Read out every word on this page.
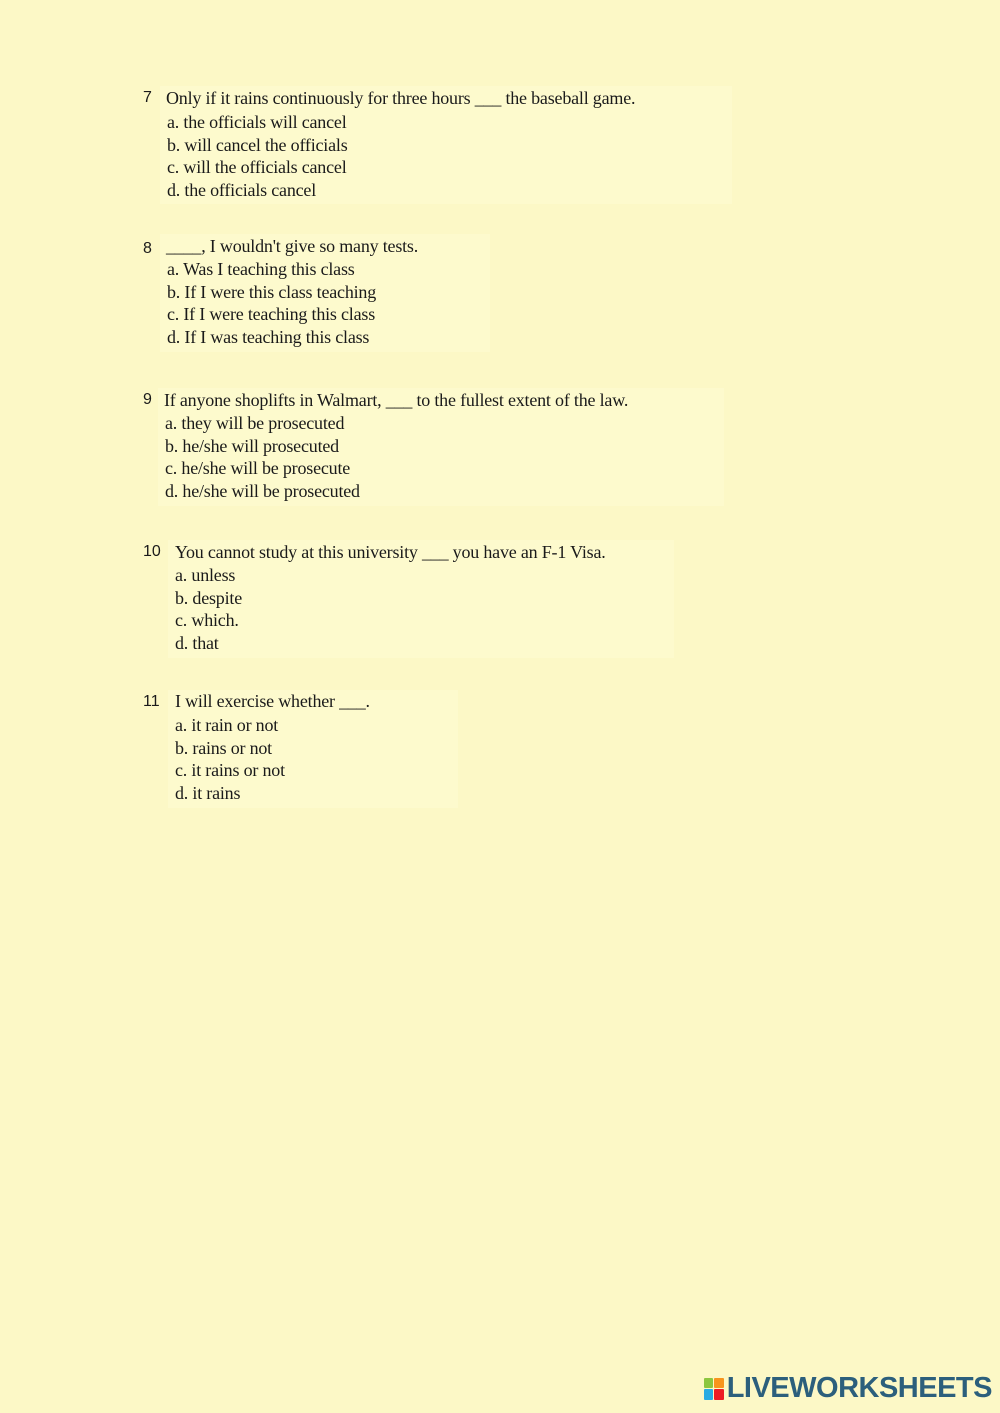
7 Only if it rains continuously for three hours ___ the baseball game.
a. the officials will cancel
b. will cancel the officials
c. will the officials cancel
d. the officials cancel
8 ____, I wouldn't give so many tests.
a. Was I teaching this class
b. If I were this class teaching
c. If I were teaching this class
d. If I was teaching this class
9 If anyone shoplifts in Walmart, ___ to the fullest extent of the law.
a. they will be prosecuted
b. he/she will prosecuted
c. he/she will be prosecute
d. he/she will be prosecuted
10 You cannot study at this university ___ you have an F-1 Visa.
a. unless
b. despite
c. which.
d. that
11 I will exercise whether ___.
a. it rain or not
b. rains or not
c. it rains or not
d. it rains
LIVEWORKSHEETS
